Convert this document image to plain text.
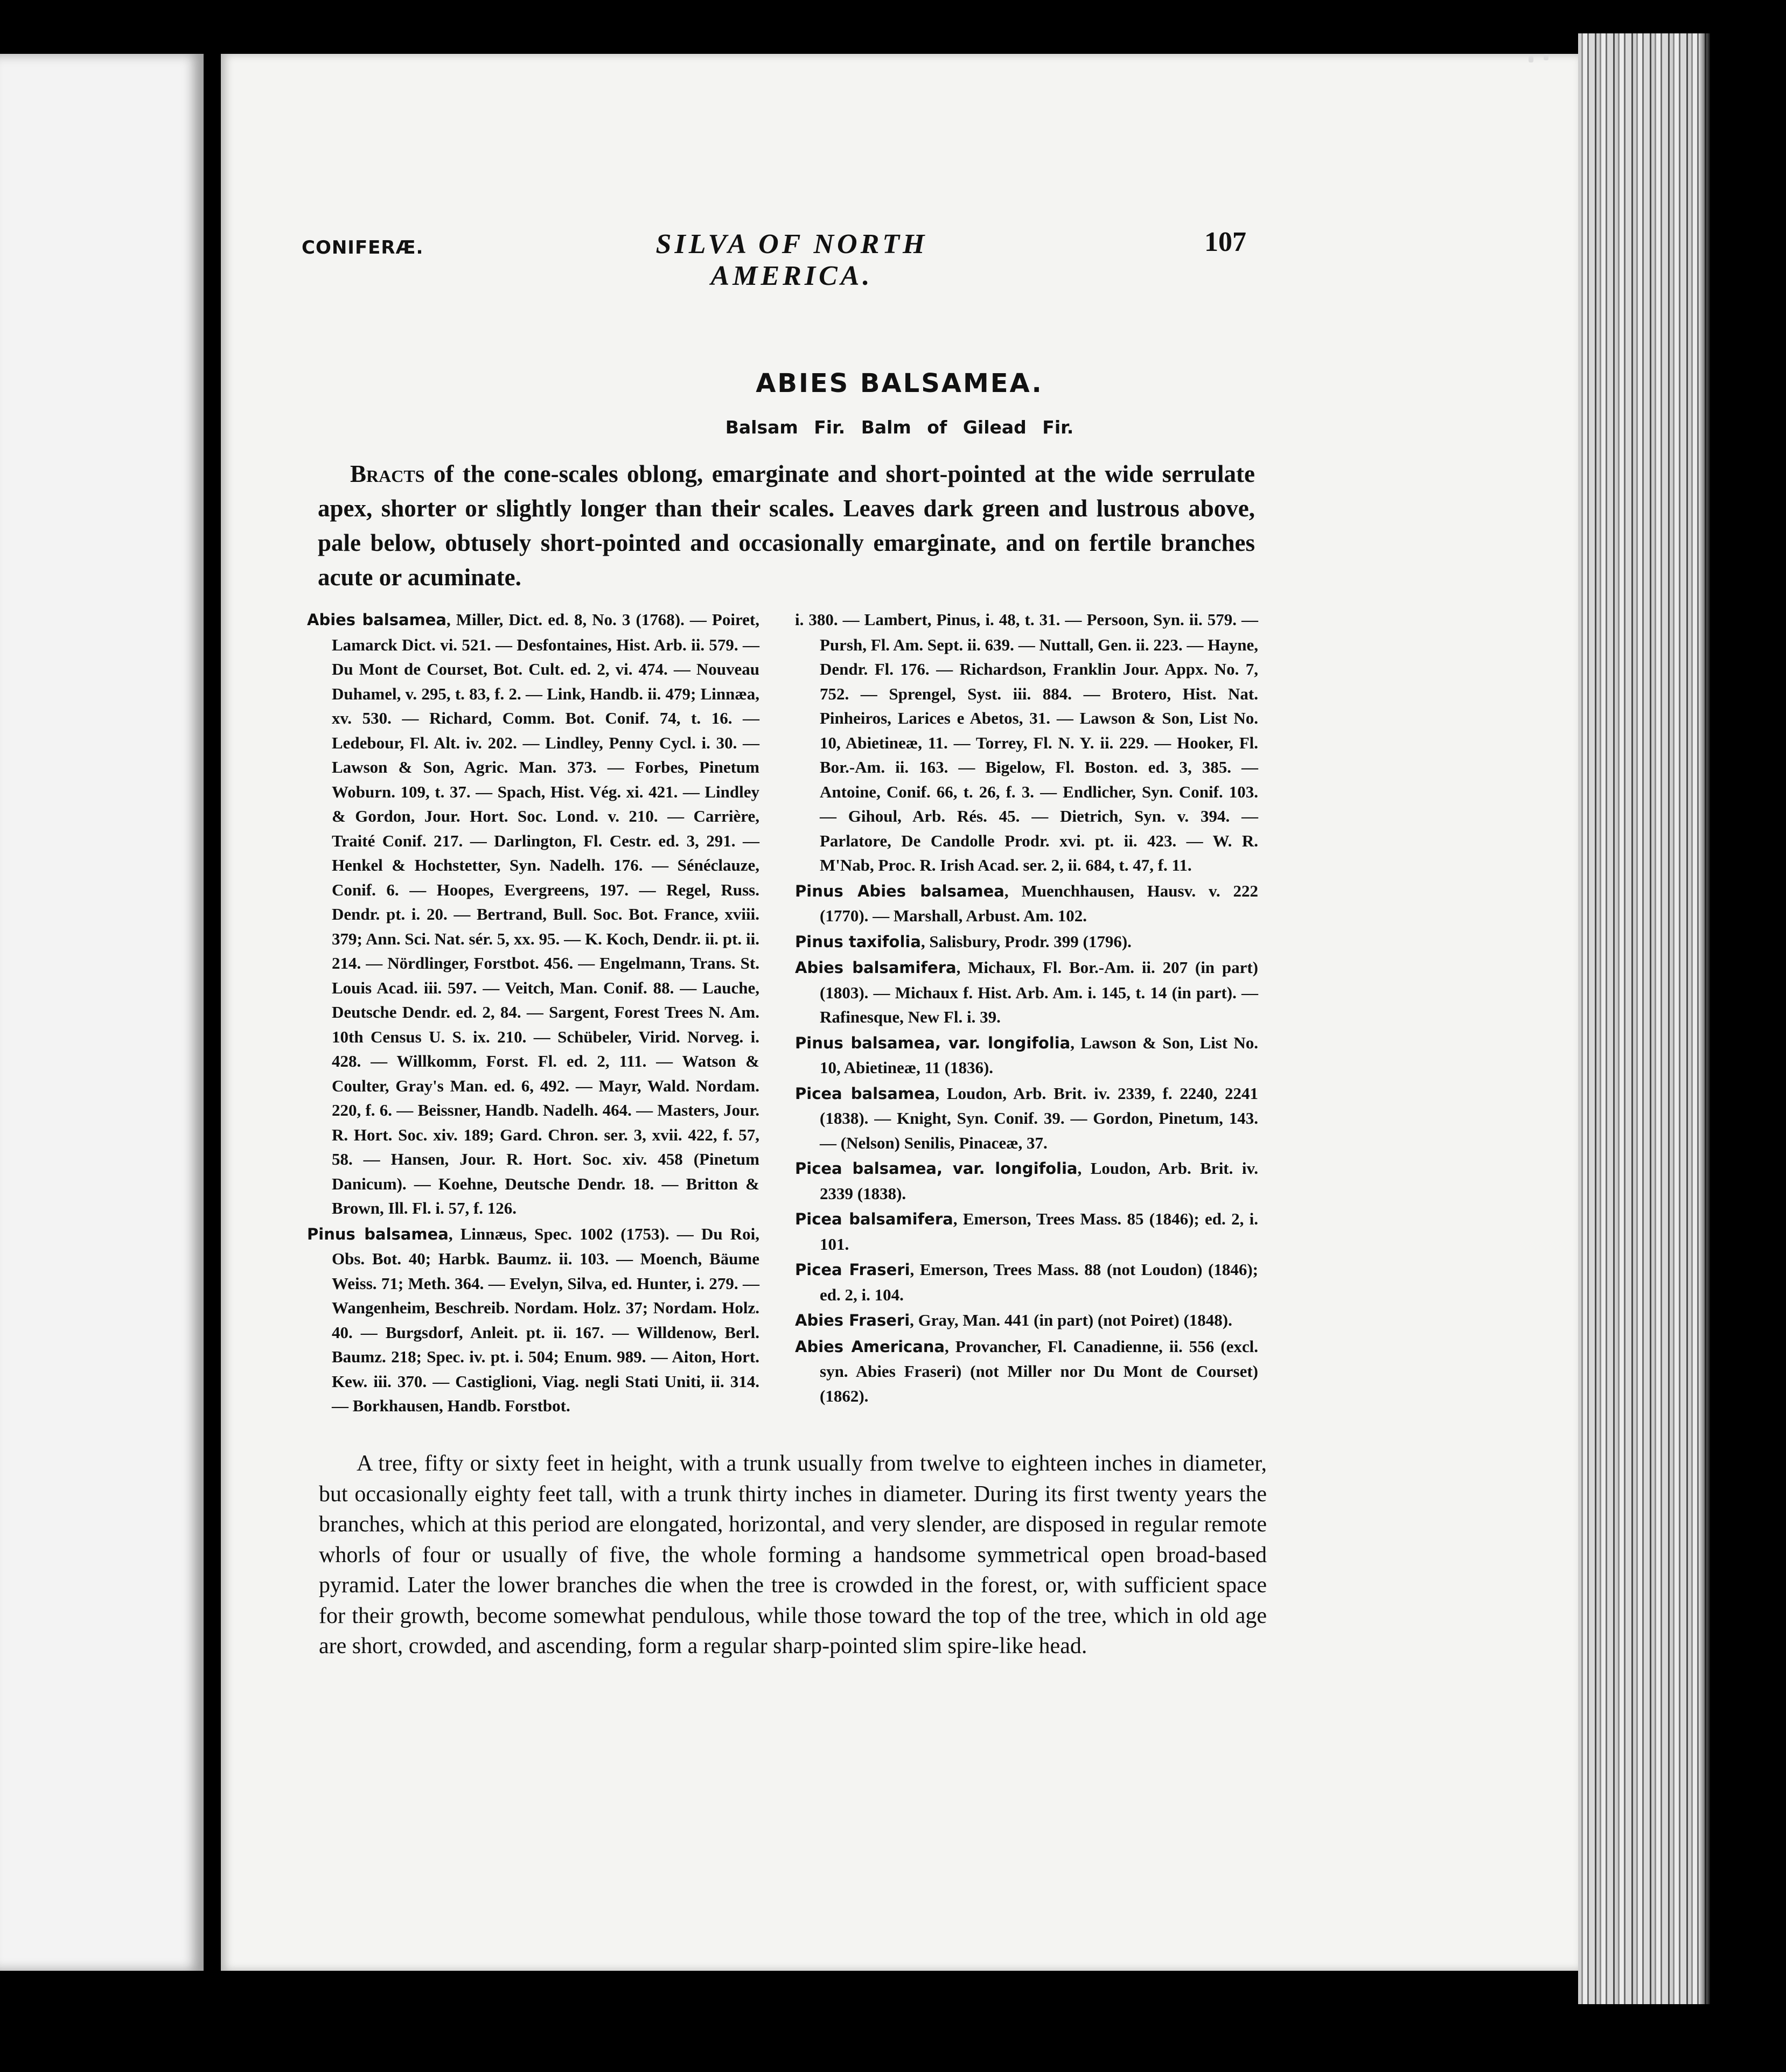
CONIFERÆ.	SILVA OF NORTH AMERICA.
107
ABIES BALSAMEA.
Balsam Fir. Balm of Gilead Fir.
Bracts of the cone-scales oblong, emarginate and short-pointed at the wide serrulate apex, shorter or slightly longer than their scales. Leaves dark green and lustrous above, pale below, obtusely short-pointed and occasionally emarginate, and on fertile branches acute or acuminate.
Abies balsamea, Miller, Dict. ed. 8, No. 3 (1768). — Poiret, Lamarck Dict. vi. 521. — Desfontaines, Hist. Arb. ii. 579. — Du Mont de Courset, Bot. Cult. ed. 2, vi. 474. — Nouveau Duhamel, v. 295, t. 83, f. 2. — Link, Handb. ii. 479; Linnæa, xv. 530. — Richard, Comm. Bot. Conif. 74, t. 16. — Ledebour, Fl. Alt. iv. 202. — Lindley, Penny Cycl. i. 30. — Lawson & Son, Agric. Man. 373. — Forbes, Pinetum Woburn. 109, t. 37. — Spach, Hist. Vég. xi. 421. — Lindley & Gordon, Jour. Hort. Soc. Lond. v. 210. — Carrière, Traité Conif. 217. — Darlington, Fl. Cestr. ed. 3, 291. — Henkel & Hochstetter, Syn. Nadelh. 176. — Sénéclauze, Conif. 6. — Hoopes, Evergreens, 197. — Regel, Russ. Dendr. pt. i. 20. — Bertrand, Bull. Soc. Bot. France, xviii. 379; Ann. Sci. Nat. sér. 5, xx. 95. — K. Koch, Dendr. ii. pt. ii. 214. — Nördlinger, Forstbot. 456. — Engelmann, Trans. St. Louis Acad. iii. 597. — Veitch, Man. Conif. 88. — Lauche, Deutsche Dendr. ed. 2, 84. — Sargent, Forest Trees N. Am. 10th Census U. S. ix. 210. — Schübeler, Virid. Norveg. i. 428. — Willkomm, Forst. Fl. ed. 2, 111. — Watson & Coulter, Gray's Man. ed. 6, 492. — Mayr, Wald. Nordam. 220, f. 6. — Beissner, Handb. Nadelh. 464. — Masters, Jour. R. Hort. Soc. xiv. 189; Gard. Chron. ser. 3, xvii. 422, f. 57, 58. — Hansen, Jour. R. Hort. Soc. xiv. 458 (Pinetum Danicum). — Koehne, Deutsche Dendr. 18. — Britton & Brown, Ill. Fl. i. 57, f. 126.
Pinus balsamea, Linnæus, Spec. 1002 (1753). — Du Roi, Obs. Bot. 40; Harbk. Baumz. ii. 103. — Moench, Bäume Weiss. 71; Meth. 364. — Evelyn, Silva, ed. Hunter, i. 279. — Wangenheim, Beschreib. Nordam. Holz. 37; Nordam. Holz. 40. — Burgsdorf, Anleit. pt. ii. 167. — Willdenow, Berl. Baumz. 218; Spec. iv. pt. i. 504; Enum. 989. — Aiton, Hort. Kew. iii. 370. — Castiglioni, Viag. negli Stati Uniti, ii. 314. — Borkhausen, Handb. Forstbot.
i. 380. — Lambert, Pinus, i. 48, t. 31. — Persoon, Syn. ii. 579. — Pursh, Fl. Am. Sept. ii. 639. — Nuttall, Gen. ii. 223. — Hayne, Dendr. Fl. 176. — Richardson, Franklin Jour. Appx. No. 7, 752. — Sprengel, Syst. iii. 884. — Brotero, Hist. Nat. Pinheiros, Larices e Abetos, 31. — Lawson & Son, List No. 10, Abietineæ, 11. — Torrey, Fl. N. Y. ii. 229. — Hooker, Fl. Bor.-Am. ii. 163. — Bigelow, Fl. Boston. ed. 3, 385. — Antoine, Conif. 66, t. 26, f. 3. — Endlicher, Syn. Conif. 103. — Gihoul, Arb. Rés. 45. — Dietrich, Syn. v. 394. — Parlatore, De Candolle Prodr. xvi. pt. ii. 423. — W. R. M'Nab, Proc. R. Irish Acad. ser. 2, ii. 684, t. 47, f. 11.
Pinus Abies balsamea, Muenchhausen, Hausv. v. 222 (1770). — Marshall, Arbust. Am. 102.
Pinus taxifolia, Salisbury, Prodr. 399 (1796).
Abies balsamifera, Michaux, Fl. Bor.-Am. ii. 207 (in part) (1803). — Michaux f. Hist. Arb. Am. i. 145, t. 14 (in part). — Rafinesque, New Fl. i. 39.
Pinus balsamea, var. longifolia, Lawson & Son, List No. 10, Abietineæ, 11 (1836).
Picea balsamea, Loudon, Arb. Brit. iv. 2339, f. 2240, 2241 (1838). — Knight, Syn. Conif. 39. — Gordon, Pinetum, 143. — (Nelson) Senilis, Pinaceæ, 37.
Picea balsamea, var. longifolia, Loudon, Arb. Brit. iv. 2339 (1838).
Picea balsamifera, Emerson, Trees Mass. 85 (1846); ed. 2, i. 101.
Picea Fraseri, Emerson, Trees Mass. 88 (not Loudon) (1846); ed. 2, i. 104.
Abies Fraseri, Gray, Man. 441 (in part) (not Poiret) (1848).
Abies Americana, Provancher, Fl. Canadienne, ii. 556 (excl. syn. Abies Fraseri) (not Miller nor Du Mont de Courset) (1862).
A tree, fifty or sixty feet in height, with a trunk usually from twelve to eighteen inches in diameter, but occasionally eighty feet tall, with a trunk thirty inches in diameter. During its first twenty years the branches, which at this period are elongated, horizontal, and very slender, are disposed in regular remote whorls of four or usually of five, the whole forming a handsome symmetrical open broad-based pyramid. Later the lower branches die when the tree is crowded in the forest, or, with sufficient space for their growth, become somewhat pendulous, while those toward the top of the tree, which in old age are short, crowded, and ascending, form a regular sharp-pointed slim spire-like head.
